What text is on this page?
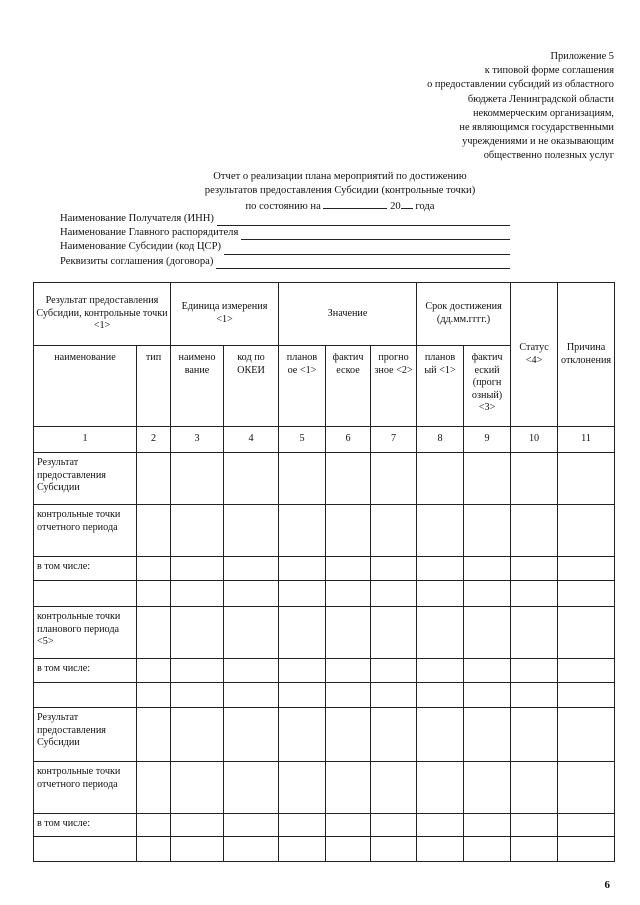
Приложение 5
к типовой форме соглашения
о предоставлении субсидий из областного
бюджета Ленинградской области
некоммерческим организациям,
не являющимся государственными
учреждениями и не оказывающим
общественно полезных услуг
Отчет о реализации плана мероприятий по достижению
результатов предоставления Субсидии (контрольные точки)
по состоянию на	20 года
Наименование Получателя (ИНН)
Наименование Главного распорядителя
Наименование Субсидии (код ЦСР)
Реквизиты соглашения (договора)
Результат предоставления Субсидии, контрольные точки <1>		Единица измерения <1>		Значение			Срок достижения (дд.мм.гггг.)		Статус <4>	Причина отклонения
наименование	тип	наимено вание	код по ОКЕИ	планов ое <1>	фактич еское	прогно зное <2>	планов ый <1>	фактич еский (прогн озный) <3>		
1	2	3	4	5	6	7	8	9	10	11
Результат предоставления Субсидии										
контрольные точки отчетного периода										
в том числе:										

контрольные точки планового периода <5>										
в том числе:										

Результат предоставления Субсидии										
контрольные точки отчетного периода										
в том числе:										

6
